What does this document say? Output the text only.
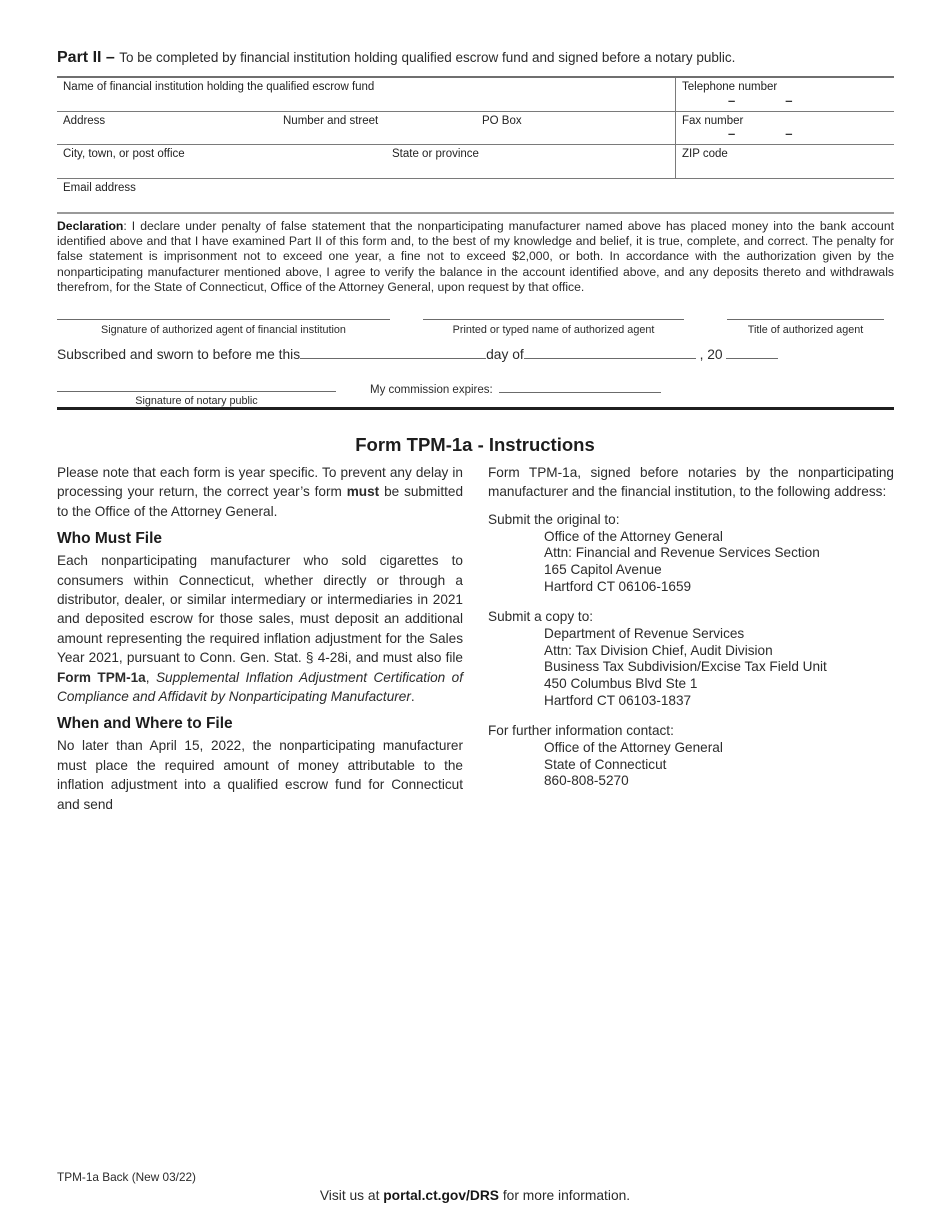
Part II – To be completed by financial institution holding qualified escrow fund and signed before a notary public.
Name of financial institution holding the qualified escrow fund	Telephone number
–	–
Address	Number and street	PO Box	Fax number
–	–
City, town, or post office	State or province	ZIP code
Email address
Declaration: I declare under penalty of false statement that the nonparticipating manufacturer named above has placed money into the bank account identified above and that I have examined Part II of this form and, to the best of my knowledge and belief, it is true, complete, and correct. The penalty for false statement is imprisonment not to exceed one year, a fine not to exceed $2,000, or both. In accordance with the authorization given by the nonparticipating manufacturer mentioned above, I agree to verify the balance in the account identified above, and any deposits thereto and withdrawals therefrom, for the State of Connecticut, Office of the Attorney General, upon request by that office.
Signature of authorized agent of financial institution	Printed or typed name of authorized agent	Title of authorized agent
Subscribed and sworn to before me this	day of	, 20
Signature of notary public
My commission expires:
Form TPM-1a - Instructions

Please note that each form is year specific. To prevent any delay in processing your return, the correct year’s form must be submitted to the Office of the Attorney General.

Who Must File

Each nonparticipating manufacturer who sold cigarettes to consumers within Connecticut, whether directly or through a distributor, dealer, or similar intermediary or intermediaries in 2021 and deposited escrow for those sales, must deposit an additional amount representing the required inflation adjustment for the Sales Year 2021, pursuant to Conn. Gen. Stat. § 4-28i, and must also file Form TPM-1a, Supplemental Inflation Adjustment Certification of Compliance and Affidavit by Nonparticipating Manufacturer.

When and Where to File

No later than April 15, 2022, the nonparticipating manufacturer must place the required amount of money attributable to the inflation adjustment into a qualified escrow fund for Connecticut and send

Form TPM-1a, signed before notaries by the nonparticipating manufacturer and the financial institution, to the following address:
Submit the original to:
Office of the Attorney General
Attn: Financial and Revenue Services Section
165 Capitol Avenue
Hartford CT 06106-1659
Submit a copy to:
Department of Revenue Services
Attn: Tax Division Chief, Audit Division
Business Tax Subdivision/Excise Tax Field Unit
450 Columbus Blvd Ste 1
Hartford CT 06103-1837
For further information contact:
Office of the Attorney General
State of Connecticut
860-808-5270
TPM-1a Back (New 03/22)
Visit us at portal.ct.gov/DRS for more information.
